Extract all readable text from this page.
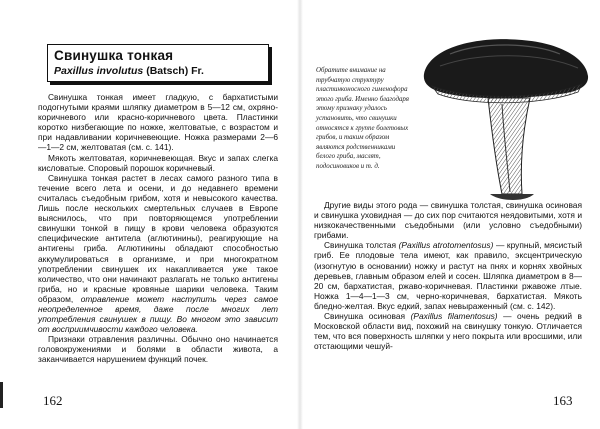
Свинушка тонкая
Paxillus involutus (Batsch) Fr.

Свинушка тонкая имеет гладкую, с бархатистыми подогнутыми краями шляпку диаметром в 5—12 см, охряно-коричневого или красно-коричневого цвета. Пластинки коротко низбегающие по ножке, желтоватые, с возрастом и при надавливании коричневеющие. Ножка размерами 2—6—1—2 см, желтоватая (см. с. 141).

Мякоть желтоватая, коричневеющая. Вкус и запах слегка кисловатые. Споровый порошок коричневый.

Свинушка тонкая растет в лесах самого разного типа в течение всего лета и осени, и до недавнего времени считалась съедобным грибом, хотя и невысокого качества. Лишь после нескольких смертельных случаев в Европе выяснилось, что при повторяющемся употреблении свинушки тонкой в пищу в крови человека образуются специфические антитела (аглютинины), реагирующие на антигены гриба. Аглютинины обладают способностью аккумулироваться в организме, и при многократном употреблении свинушек их накапливается уже такое количество, что они начинают разлагать не только антигены гриба, но и красные кровяные шарики человека. Таким образом, отравление может наступить через самое неопределенное время, даже после многих лет употребления свинушек в пищу. Во многом это зависит от восприимчивости каждого человека.

Признаки отравления различны. Обычно оно начинается головокружениями и болями в области живота, а заканчивается нарушением функций почек.

162
Обратите внимание на трубчатую структуру пластинконосного гименофора этого гриба. Именно благодаря этому признаку удалось установить, что свинушки относятся к группе болетовых грибов, и таким образом являются родственниками белого гриба, маслят, подосиновиков и т. д.

Другие виды этого рода — свинушка толстая, свинушка осиновая и свинушка уховидная — до сих пор считаются неядовитыми, хотя и низкокачественными съедобными (или условно съедобными) грибами.

Свинушка толстая (Paxillus atrotomentosus) — крупный, мясистый гриб. Ее плодовые тела имеют, как правило, эксцентрическую (изогнутую в основании) ножку и растут на пнях и корнях хвойных деревьев, главным образом елей и сосен. Шляпка диаметром в 8—20 см, бархатистая, ржаво-коричневая. Пластинки ржавоже лтые. Ножка 1—4—1—3 см, черно-коричневая, бархатистая. Мякоть бледно-желтая. Вкус едкий, запах невыраженный (см. с. 142).

Свинушка осиновая (Paxillus filamentosus) — очень редкий в Московской области вид, похожий на свинушку тонкую. Отличается тем, что вся поверхность шляпки у него покрыта или вросшими, или отстающими чешуй-

163
